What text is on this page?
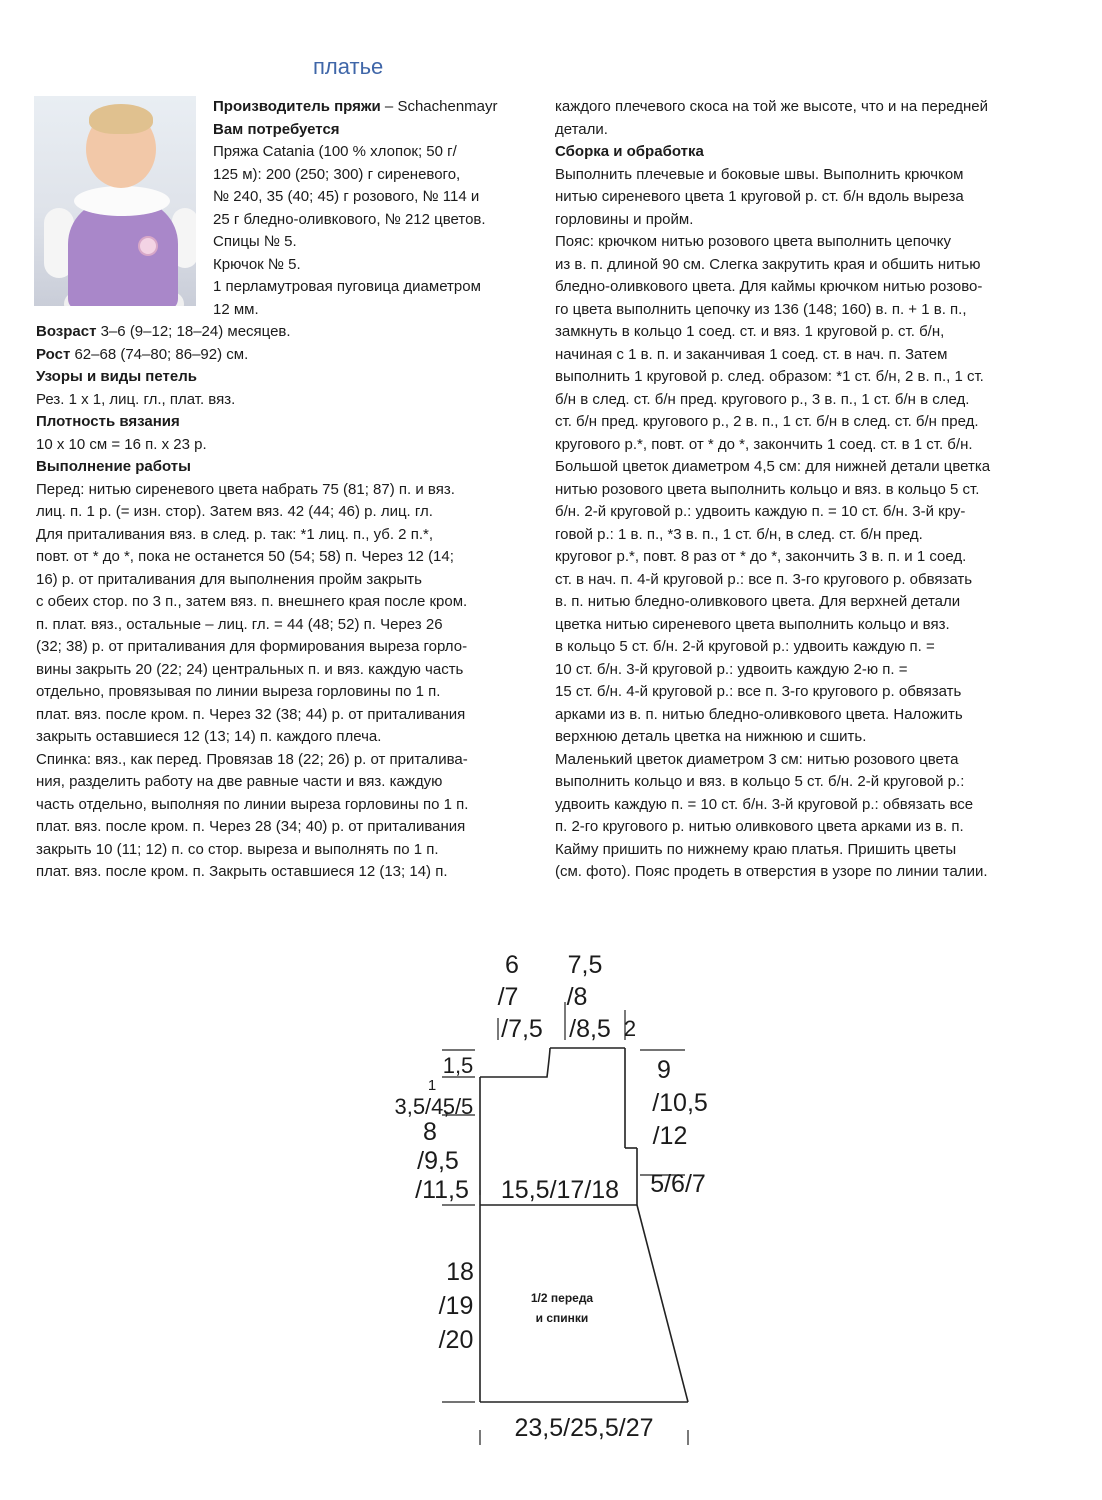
платье
Производитель пряжи – Schachenmayr
Вам потребуется
Пряжа Catania (100 % хлопок; 50 г/
125 м): 200 (250; 300) г сиреневого,
№ 240, 35 (40; 45) г розового, № 114 и
25 г бледно-оливкового, № 212 цветов.
Спицы № 5.
Крючок № 5.
1 перламутровая пуговица диаметром
12 мм.
Возраст 3–6 (9–12; 18–24) месяцев.
Рост 62–68 (74–80; 86–92) см.
Узоры и виды петель
Рез. 1 х 1, лиц. гл., плат. вяз.
Плотность вязания
10 х 10 см = 16 п. х 23 р.
Выполнение работы
Перед: нитью сиреневого цвета набрать 75 (81; 87) п. и вяз.
лиц. п. 1 р. (= изн. стор). Затем вяз. 42 (44; 46) р. лиц. гл.
Для приталивания вяз. в след. р. так: *1 лиц. п., уб. 2 п.*,
повт. от * до *, пока не останется 50 (54; 58) п. Через 12 (14;
16) р. от приталивания для выполнения пройм закрыть
с обеих стор. по 3 п., затем вяз. п. внешнего края после кром.
п. плат. вяз., остальные – лиц. гл. = 44 (48; 52) п. Через 26
(32; 38) р. от приталивания для формирования выреза горло-
вины закрыть 20 (22; 24) центральных п. и вяз. каждую часть
отдельно, провязывая по линии выреза горловины по 1 п.
плат. вяз. после кром. п. Через 32 (38; 44) р. от приталивания
закрыть оставшиеся 12 (13; 14) п. каждого плеча.
Спинка: вяз., как перед. Провязав 18 (22; 26) р. от приталива-
ния, разделить работу на две равные части и вяз. каждую
часть отдельно, выполняя по линии выреза горловины по 1 п.
плат. вяз. после кром. п. Через 28 (34; 40) р. от приталивания
закрыть 10 (11; 12) п. со стор. выреза и выполнять по 1 п.
плат. вяз. после кром. п. Закрыть оставшиеся 12 (13; 14) п.
каждого плечевого скоса на той же высоте, что и на передней
детали.
Сборка и обработка
Выполнить плечевые и боковые швы. Выполнить крючком
нитью сиреневого цвета 1 круговой р. ст. б/н вдоль выреза
горловины и пройм.
Пояс: крючком нитью розового цвета выполнить цепочку
из в. п. длиной 90 см. Слегка закрутить края и обшить нитью
бледно-оливкового цвета. Для каймы крючком нитью розово-
го цвета выполнить цепочку из 136 (148; 160) в. п. + 1 в. п.,
замкнуть в кольцо 1 соед. ст. и вяз. 1 круговой р. ст. б/н,
начиная с 1 в. п. и заканчивая 1 соед. ст. в нач. п. Затем
выполнить 1 круговой р. след. образом: *1 ст. б/н, 2 в. п., 1 ст.
б/н в след. ст. б/н пред. кругового р., 3 в. п., 1 ст. б/н в след.
ст. б/н пред. кругового р., 2 в. п., 1 ст. б/н в след. ст. б/н пред.
кругового р.*, повт. от * до *, закончить 1 соед. ст. в 1 ст. б/н.
Большой цветок диаметром 4,5 см: для нижней детали цветка
нитью розового цвета выполнить кольцо и вяз. в кольцо 5 ст.
б/н. 2-й круговой р.: удвоить каждую п. = 10 ст. б/н. 3-й кру-
говой р.: 1 в. п., *3 в. п., 1 ст. б/н, в след. ст. б/н пред.
круговог р.*, повт. 8 раз от * до *, закончить 3 в. п. и 1 соед.
ст. в нач. п. 4-й круговой р.: все п. 3-го кругового р. обвязать
в. п. нитью бледно-оливкового цвета. Для верхней детали
цветка нитью сиреневого цвета выполнить кольцо и вяз.
в кольцо 5 ст. б/н. 2-й круговой р.: удвоить каждую п. =
10 ст. б/н. 3-й круговой р.: удвоить каждую 2-ю п. =
15 ст. б/н. 4-й круговой р.: все п. 3-го кругового р. обвязать
арками из в. п. нитью бледно-оливкового цвета. Наложить
верхнюю деталь цветка на нижнюю и сшить.
Маленький цветок диаметром 3 см: нитью розового цвета
выполнить кольцо и вяз. в кольцо 5 ст. б/н. 2-й круговой р.:
удвоить каждую п. = 10 ст. б/н. 3-й круговой р.: обвязать все
п. 2-го кругового р. нитью оливкового цвета арками из в. п.
Кайму пришить по нижнему краю платья. Пришить цветы
(см. фото). Пояс продеть в отверстия в узоре по линии талии.
6
/7
/7,5
7,5
/8
/8,5 2
1,5
1
3,5/4,
5/5
8
/9,5
/11,5
9
/10,5
/12
5/6/7
15,5/17/18
18
/19
/20
1/2 переда
и спинки
23,5/25,5/27
